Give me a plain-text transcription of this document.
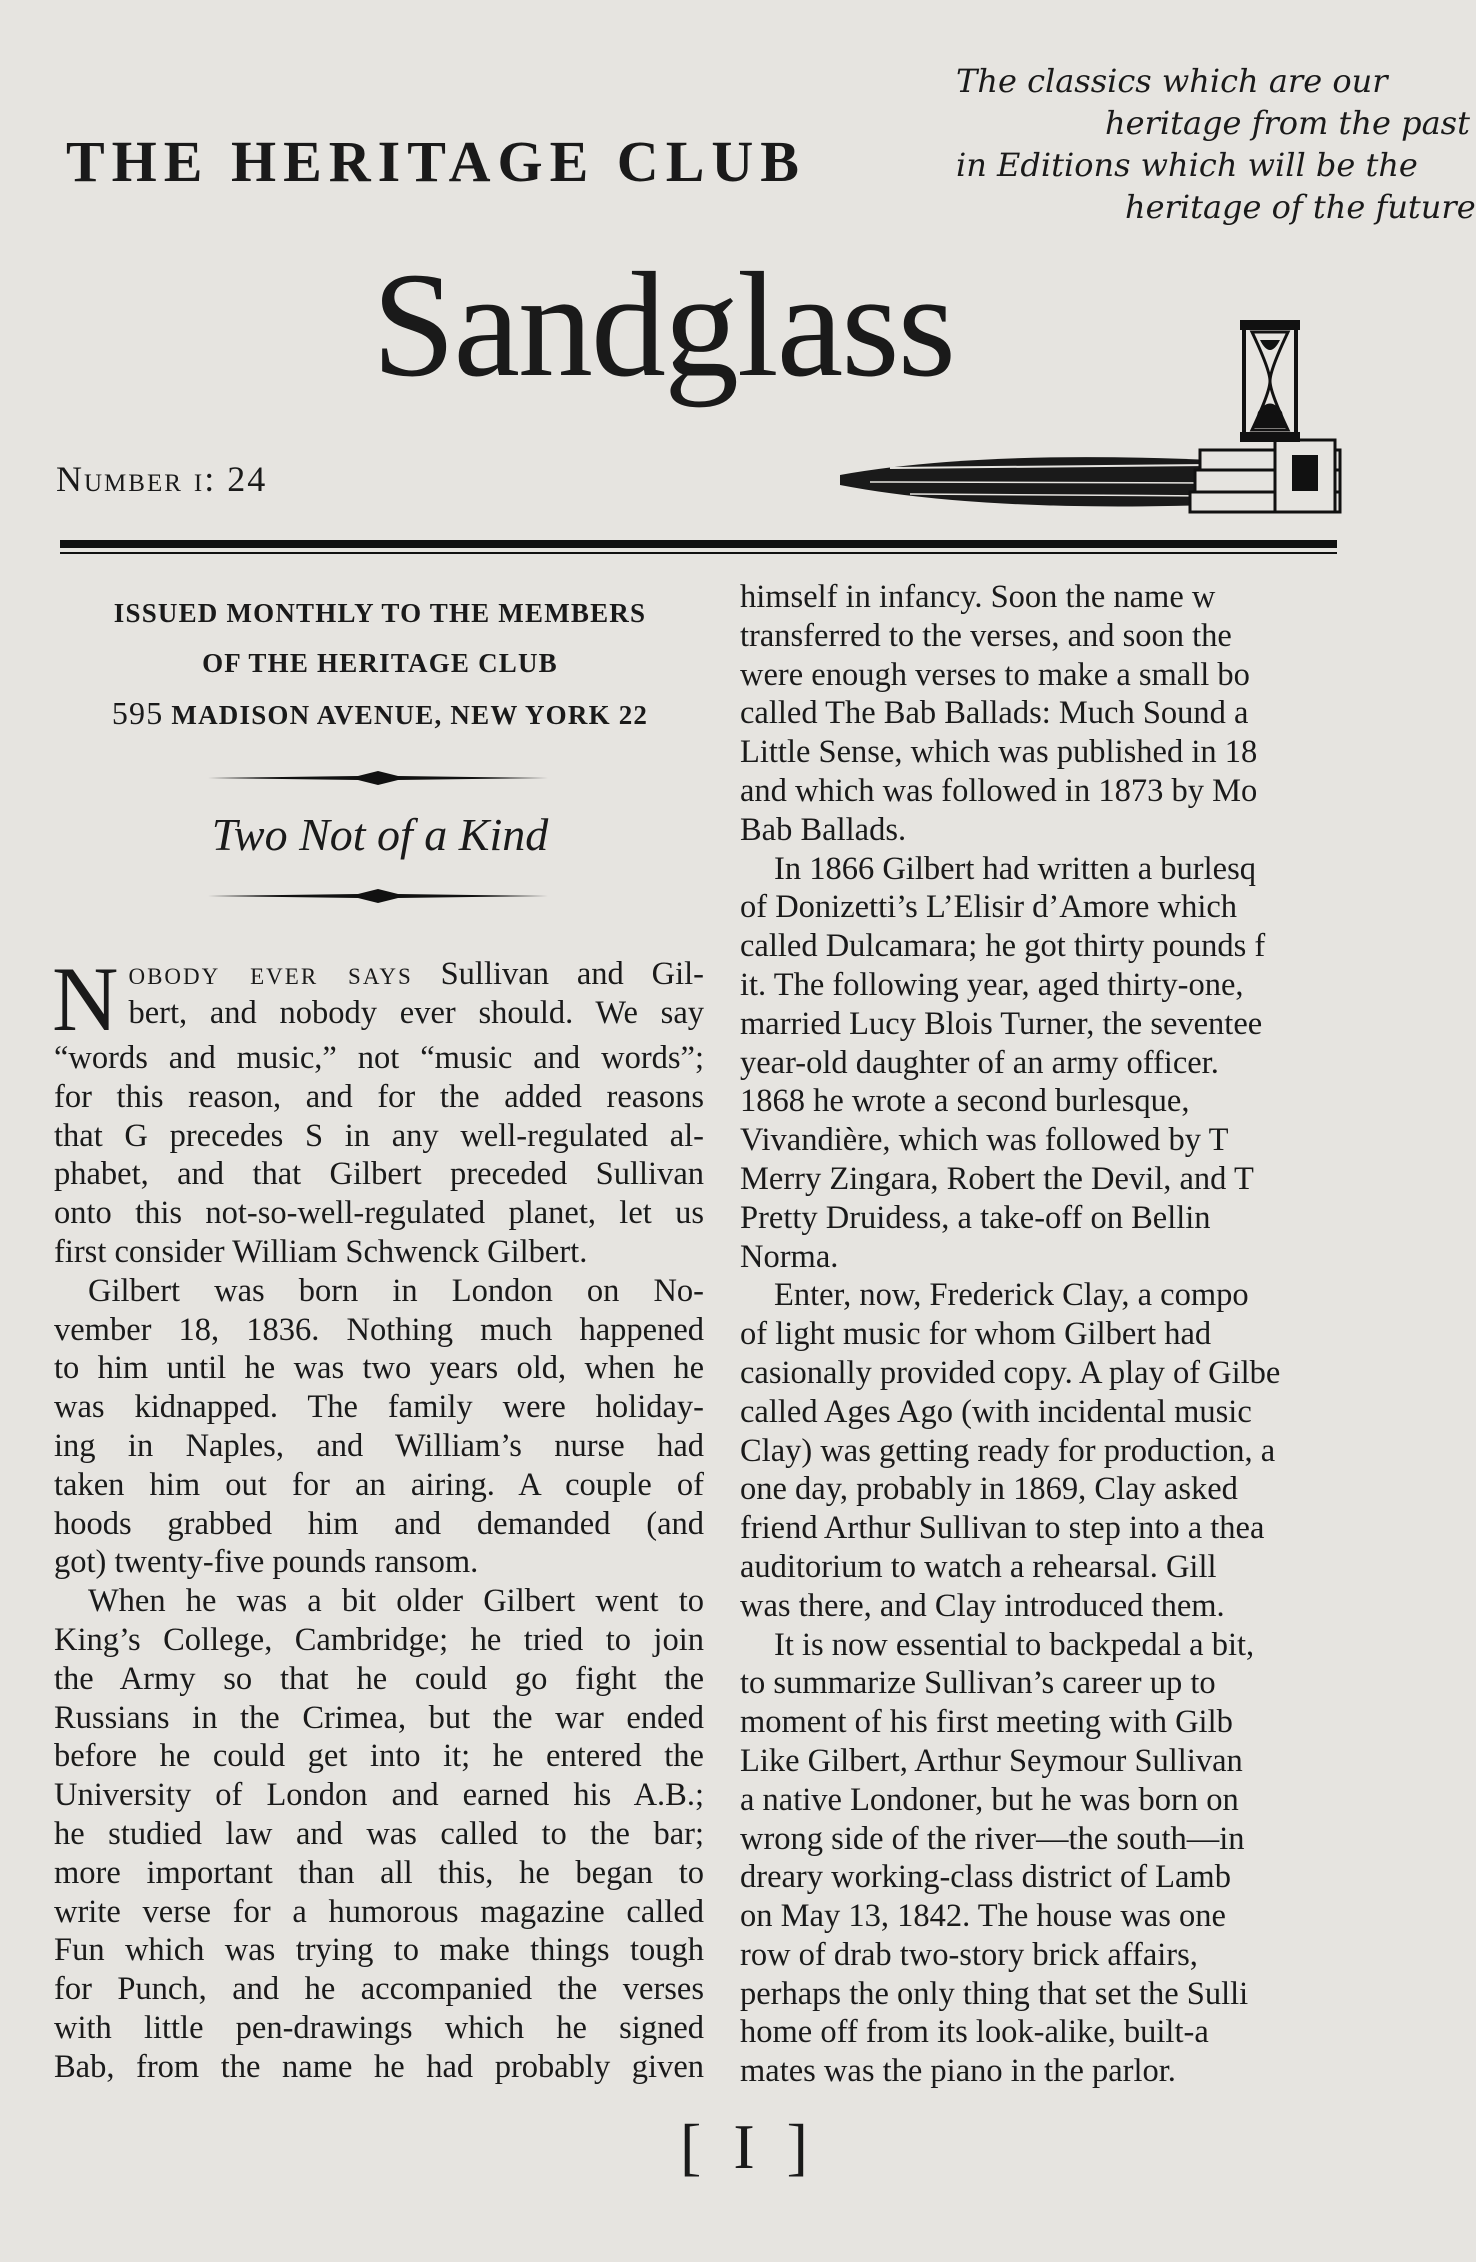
THE HERITAGE CLUB
The classics which are our
heritage from the past
in Editions which will be the
heritage of the future
Sandglass
Number i: 24
ISSUED MONTHLY TO THE MEMBERS
OF THE HERITAGE CLUB
595 MADISON AVENUE, NEW YORK 22
Two Not of a Kind
N obody ever says Sullivan and Gil-
bert, and nobody ever should. We say
“words and music,” not “music and words”;
for this reason, and for the added reasons
that G precedes S in any well-regulated al-
phabet, and that Gilbert preceded Sullivan
onto this not-so-well-regulated planet, let us
first consider William Schwenck Gilbert.
Gilbert was born in London on No-
vember 18, 1836. Nothing much happened
to him until he was two years old, when he
was kidnapped. The family were holiday-
ing in Naples, and William’s nurse had
taken him out for an airing. A couple of
hoods grabbed him and demanded (and
got) twenty-five pounds ransom.
When he was a bit older Gilbert went to
King’s College, Cambridge; he tried to join
the Army so that he could go fight the
Russians in the Crimea, but the war ended
before he could get into it; he entered the
University of London and earned his A.B.;
he studied law and was called to the bar;
more important than all this, he began to
write verse for a humorous magazine called
Fun which was trying to make things tough
for Punch, and he accompanied the verses
with little pen-drawings which he signed
Bab, from the name he had probably given
himself in infancy. Soon the name w
transferred to the verses, and soon the
were enough verses to make a small bo
called The Bab Ballads: Much Sound a
Little Sense, which was published in 18
and which was followed in 1873 by Mo
Bab Ballads.
In 1866 Gilbert had written a burlesq
of Donizetti’s L’Elisir d’Amore which
called Dulcamara; he got thirty pounds f
it. The following year, aged thirty-one,
married Lucy Blois Turner, the seventee
year-old daughter of an army officer.
1868 he wrote a second burlesque,
Vivandière, which was followed by T
Merry Zingara, Robert the Devil, and T
Pretty Druidess, a take-off on Bellin
Norma.
Enter, now, Frederick Clay, a compo
of light music for whom Gilbert had
casionally provided copy. A play of Gilbe
called Ages Ago (with incidental music
Clay) was getting ready for production, a
one day, probably in 1869, Clay asked
friend Arthur Sullivan to step into a thea
auditorium to watch a rehearsal. Gill
was there, and Clay introduced them.
It is now essential to backpedal a bit,
to summarize Sullivan’s career up to
moment of his first meeting with Gilb
Like Gilbert, Arthur Seymour Sullivan
a native Londoner, but he was born on
wrong side of the river—the south—in
dreary working-class district of Lamb
on May 13, 1842. The house was one
row of drab two-story brick affairs,
perhaps the only thing that set the Sulli
home off from its look-alike, built-a
mates was the piano in the parlor.
[ I ]
